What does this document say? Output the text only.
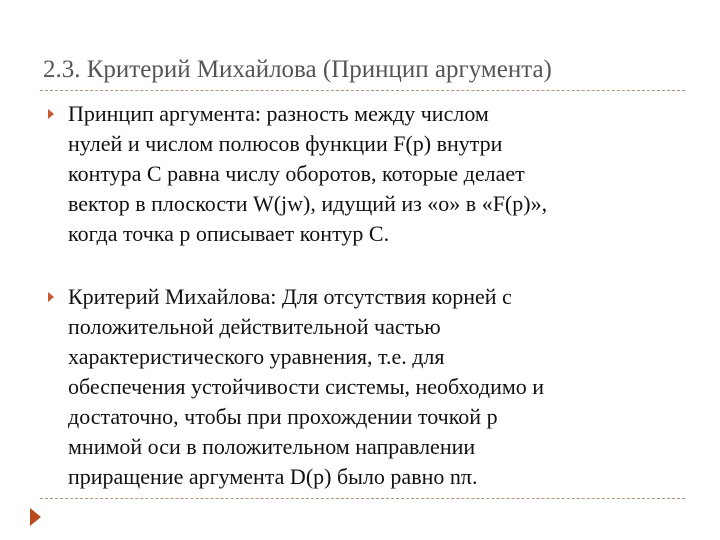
2.3. Критерий Михайлова (Принцип аргумента)
Принцип аргумента: разность между числом
нулей и числом полюсов функции F(p) внутри
контура С равна числу оборотов, которые делает
вектор в плоскости W(jw), идущий из «о» в «F(p)»,
когда точка р описывает контур С.
Критерий Михайлова: Для отсутствия корней с
положительной действительной частью
характеристического уравнения, т.е. для
обеспечения устойчивости системы, необходимо и
достаточно, чтобы при прохождении точкой р
мнимой оси в положительном направлении
приращение аргумента D(p) было равно nπ.
